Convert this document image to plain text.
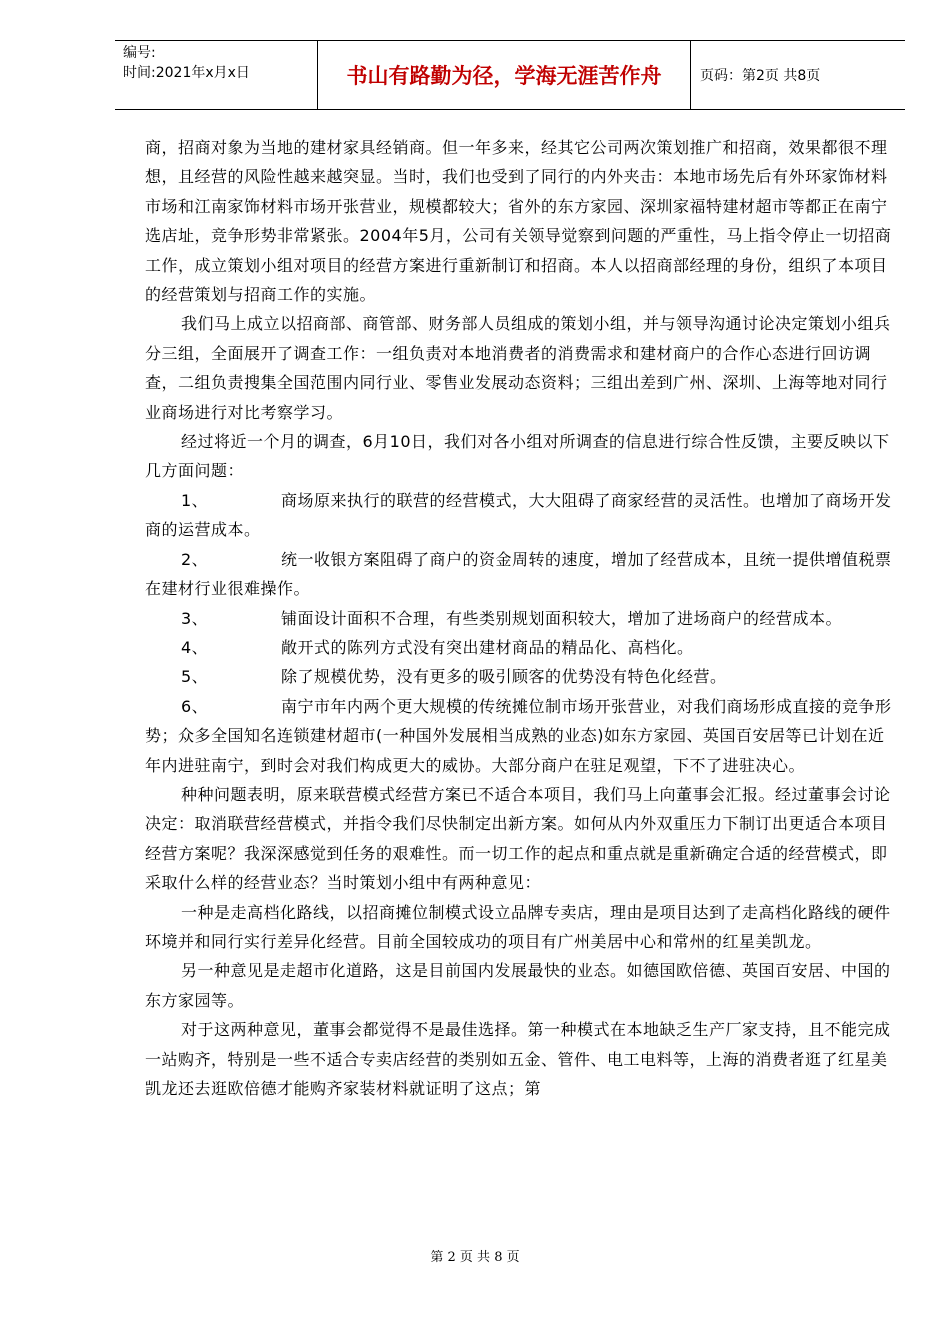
编号:
时间:2021年x月x日	书山有路勤为径，学海无涯苦作舟	页码：第2页 共8页

商，招商对象为当地的建材家具经销商。但一年多来，经其它公司两次策划推广和招商，效果都很不理想，且经营的风险性越来越突显。当时，我们也受到了同行的内外夹击：本地市场先后有外环家饰材料市场和江南家饰材料市场开张营业，规模都较大；省外的东方家园、深圳家福特建材超市等都正在南宁选店址，竞争形势非常紧张。2004年5月，公司有关领导觉察到问题的严重性，马上指令停止一切招商工作，成立策划小组对项目的经营方案进行重新制订和招商。本人以招商部经理的身份，组织了本项目的经营策划与招商工作的实施。

我们马上成立以招商部、商管部、财务部人员组成的策划小组，并与领导沟通讨论决定策划小组兵分三组，全面展开了调查工作：一组负责对本地消费者的消费需求和建材商户的合作心态进行回访调查，二组负责搜集全国范围内同行业、零售业发展动态资料；三组出差到广州、深圳、上海等地对同行业商场进行对比考察学习。

经过将近一个月的调查，6月10日，我们对各小组对所调查的信息进行综合性反馈，主要反映以下几方面问题：

1、	商场原来执行的联营的经营模式，大大阻碍了商家经营的灵活性。也增加了商场开发商的运营成本。

2、	统一收银方案阻碍了商户的资金周转的速度，增加了经营成本，且统一提供增值税票在建材行业很难操作。

3、	铺面设计面积不合理，有些类别规划面积较大，增加了进场商户的经营成本。

4、	敞开式的陈列方式没有突出建材商品的精品化、高档化。

5、	除了规模优势，没有更多的吸引顾客的优势没有特色化经营。

6、	南宁市年内两个更大规模的传统摊位制市场开张营业，对我们商场形成直接的竞争形势；众多全国知名连锁建材超市(一种国外发展相当成熟的业态)如东方家园、英国百安居等已计划在近年内进驻南宁，到时会对我们构成更大的威协。大部分商户在驻足观望，下不了进驻决心。

种种问题表明，原来联营模式经营方案已不适合本项目，我们马上向董事会汇报。经过董事会讨论决定：取消联营经营模式，并指令我们尽快制定出新方案。如何从内外双重压力下制订出更适合本项目经营方案呢？我深深感觉到任务的艰难性。而一切工作的起点和重点就是重新确定合适的经营模式，即采取什么样的经营业态？当时策划小组中有两种意见：

一种是走高档化路线，以招商摊位制模式设立品牌专卖店，理由是项目达到了走高档化路线的硬件环境并和同行实行差异化经营。目前全国较成功的项目有广州美居中心和常州的红星美凯龙。

另一种意见是走超市化道路，这是目前国内发展最快的业态。如德国欧倍德、英国百安居、中国的东方家园等。

对于这两种意见，董事会都觉得不是最佳选择。第一种模式在本地缺乏生产厂家支持，且不能完成一站购齐，特别是一些不适合专卖店经营的类别如五金、管件、电工电料等，上海的消费者逛了红星美凯龙还去逛欧倍德才能购齐家装材料就证明了这点；第

第 2 页 共 8 页
